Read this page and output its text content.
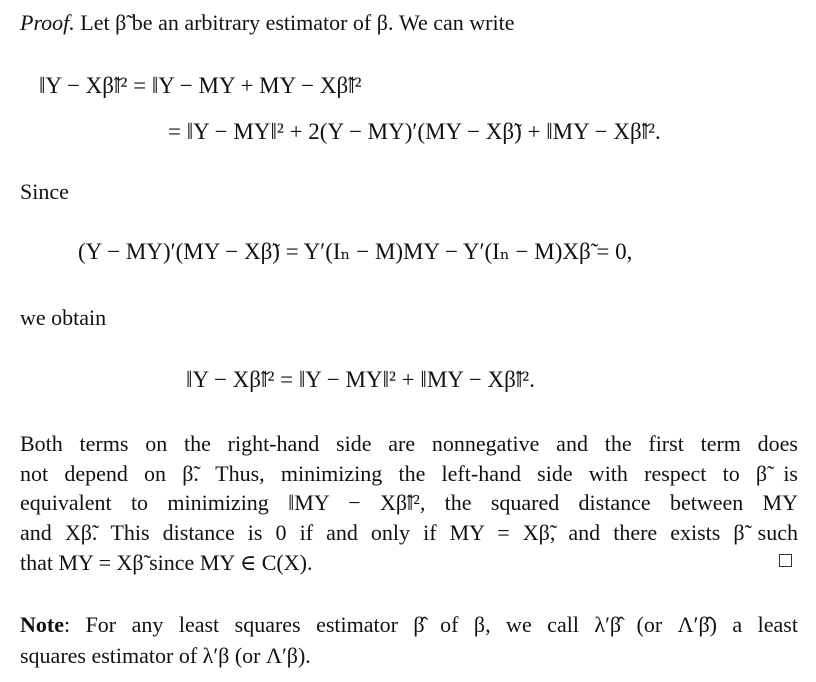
Proof. Let β̃ be an arbitrary estimator of β. We can write
‖Y − Xβ̃‖² = ‖Y − MY + MY − Xβ̃‖²
= ‖Y − MY‖² + 2(Y − MY)′(MY − Xβ̃) + ‖MY − Xβ̃‖².
Since
(Y − MY)′(MY − Xβ̃) = Y′(Iₙ − M)MY − Y′(Iₙ − M)Xβ̃ = 0,
we obtain
‖Y − Xβ̃‖² = ‖Y − MY‖² + ‖MY − Xβ̃‖².
Both terms on the right-hand side are nonnegative and the first term does
not depend on β̃. Thus, minimizing the left-hand side with respect to β̃ is
equivalent to minimizing ‖MY − Xβ̃‖², the squared distance between MY
and Xβ̃. This distance is 0 if and only if MY = Xβ̃, and there exists β̃ such
that MY = Xβ̃ since MY ∈ C(X).
Note: For any least squares estimator β̂ of β, we call λ′β̂ (or Λ′β̂) a least
squares estimator of λ′β (or Λ′β).
